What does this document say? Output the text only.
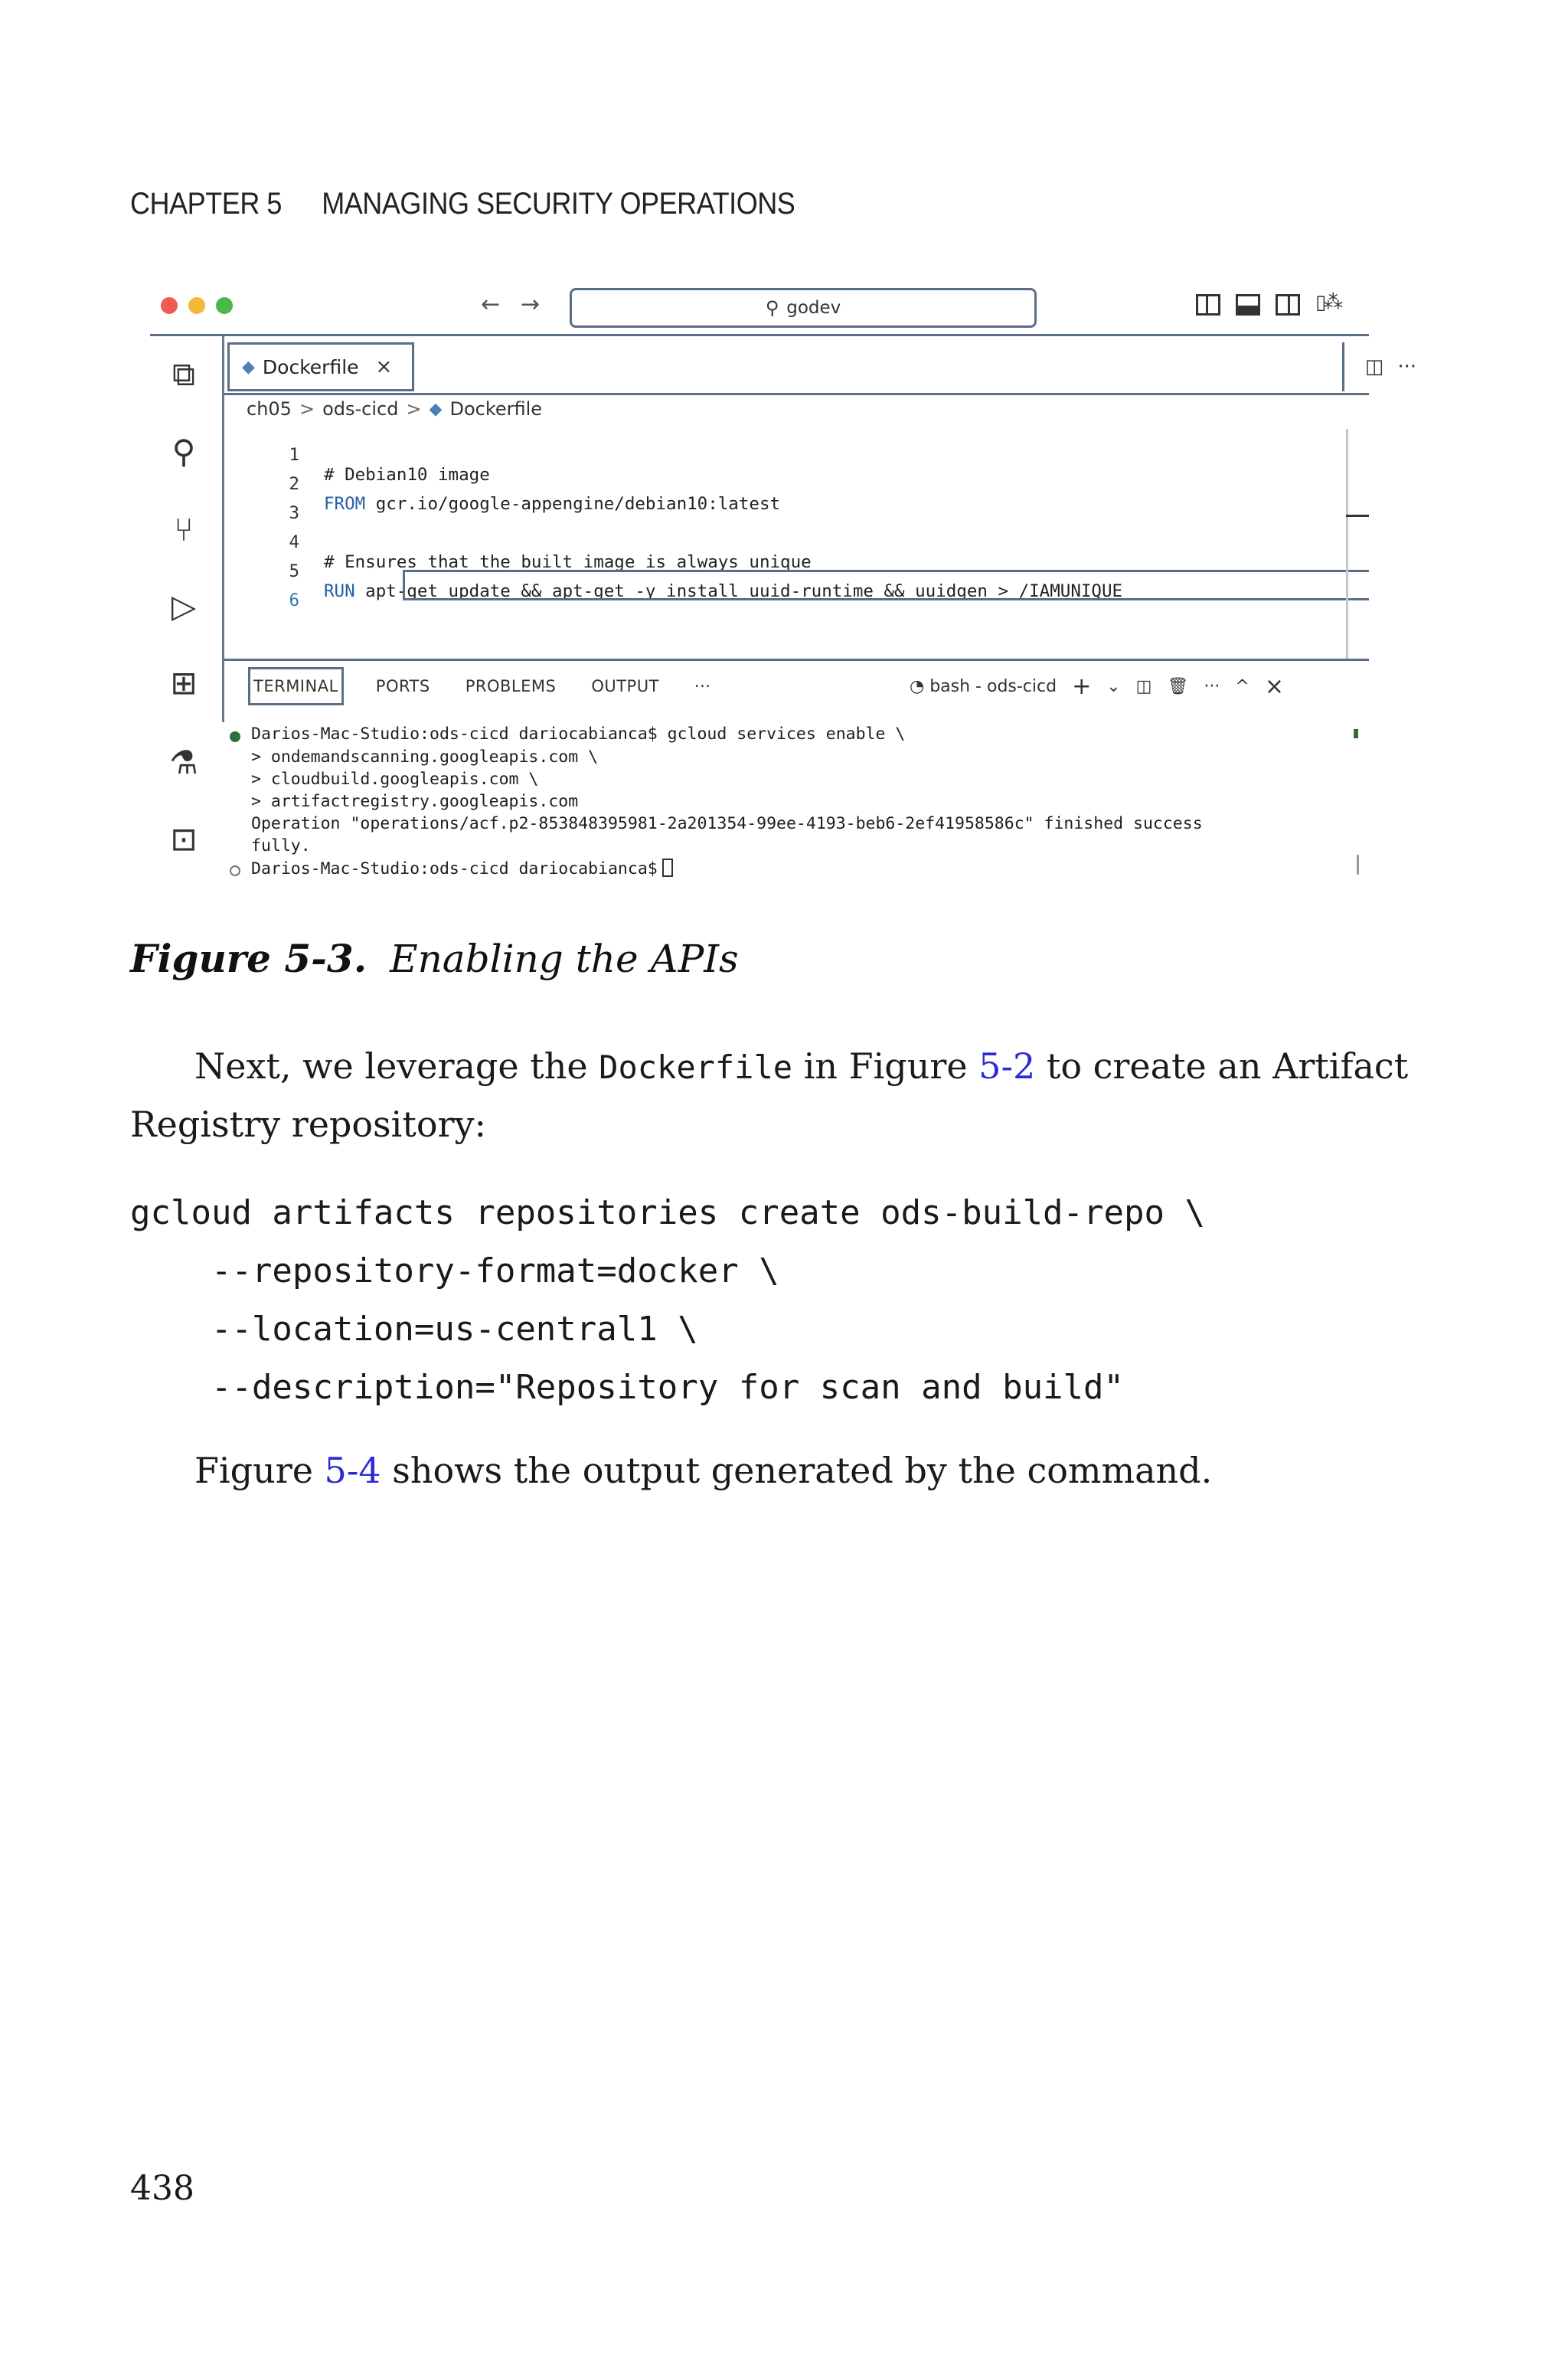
CHAPTER 5 MANAGING SECURITY OPERATIONS
← →	⚲ godev
▯⁂
⧉
⚲
⑂
▷
⊞
⚗
⊡
◆ Dockerfile ×	◫ ···
ch05 > ods-cicd > ◆ Dockerfile

1

# Debian10 image

2

FROM gcr.io/google-appengine/debian10:latest

3

4

# Ensures that the built image is always unique

5

RUN apt-get update && apt-get -y install uuid-runtime && uuidgen > /IAMUNIQUE

6

TERMINAL	PORTS PROBLEMS OUTPUT ···	◔ bash - ods-cicd + ⌄ ◫ 🗑 ··· ^ ×
Darios-Mac-Studio:ods-cicd dariocabianca$ gcloud services enable \
> ondemandscanning.googleapis.com \
> cloudbuild.googleapis.com \
> artifactregistry.googleapis.com
Operation "operations/acf.p2-853848395981-2a201354-99ee-4193-beb6-2ef41958586c" finished success
fully.
Darios-Mac-Studio:ods-cicd dariocabianca$
Figure 5-3. Enabling the APIs
Next, we leverage the Dockerfile in Figure 5-2 to create an Artifact
Registry repository:
gcloud artifacts repositories create ods-build-repo \
--repository-format=docker \
--location=us-central1 \
--description="Repository for scan and build"
Figure 5-4 shows the output generated by the command.
438
